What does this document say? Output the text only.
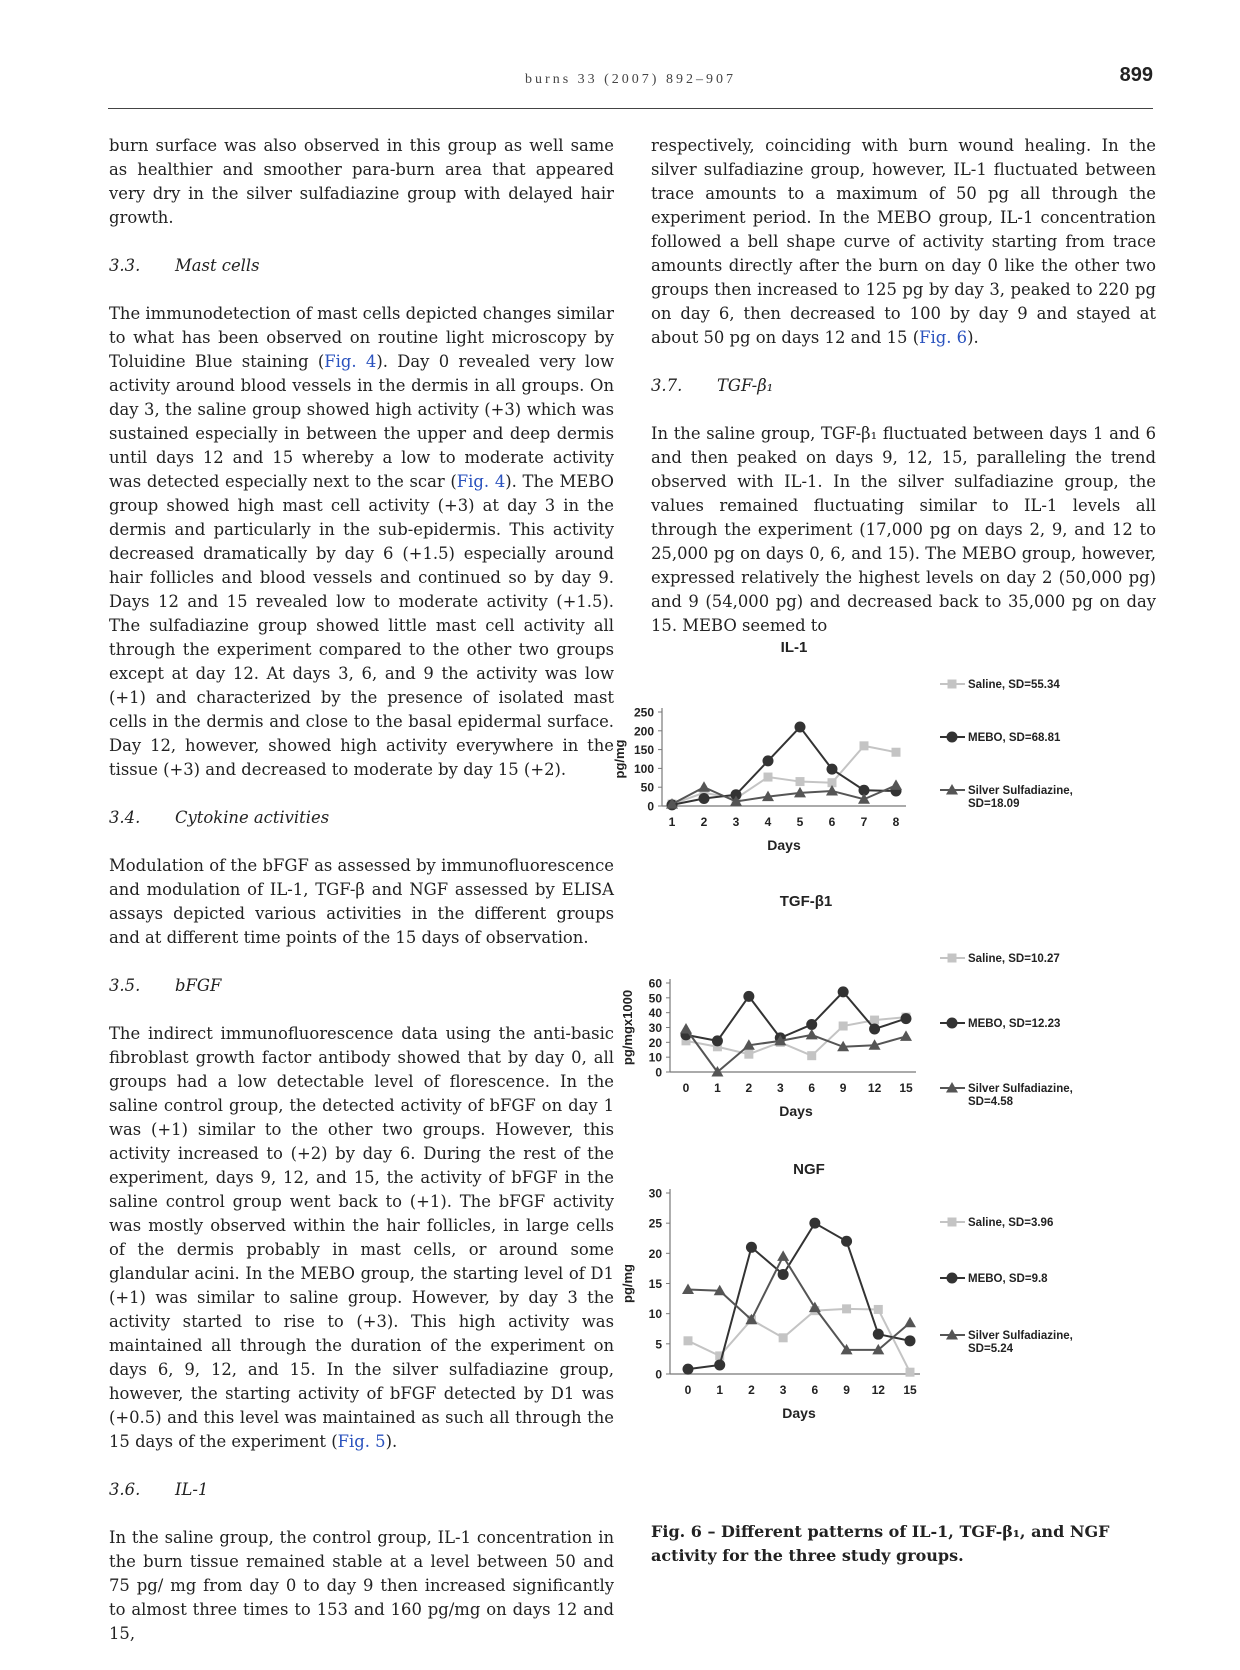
burns 33 (2007) 892–907	899

burn surface was also observed in this group as well same as healthier and smoother para-burn area that appeared very dry in the silver sulfadiazine group with delayed hair growth.

3.3. Mast cells

The immunodetection of mast cells depicted changes similar to what has been observed on routine light microscopy by Toluidine Blue staining (Fig. 4). Day 0 revealed very low activity around blood vessels in the dermis in all groups. On day 3, the saline group showed high activity (+3) which was sustained especially in between the upper and deep dermis until days 12 and 15 whereby a low to moderate activity was detected especially next to the scar (Fig. 4). The MEBO group showed high mast cell activity (+3) at day 3 in the dermis and particularly in the sub-epidermis. This activity decreased dramatically by day 6 (+1.5) especially around hair follicles and blood vessels and continued so by day 9. Days 12 and 15 revealed low to moderate activity (+1.5). The sulfadiazine group showed little mast cell activity all through the experiment compared to the other two groups except at day 12. At days 3, 6, and 9 the activity was low (+1) and characterized by the presence of isolated mast cells in the dermis and close to the basal epidermal surface. Day 12, however, showed high activity everywhere in the tissue (+3) and decreased to moderate by day 15 (+2).

3.4. Cytokine activities

Modulation of the bFGF as assessed by immunofluorescence and modulation of IL-1, TGF-β and NGF assessed by ELISA assays depicted various activities in the different groups and at different time points of the 15 days of observation.

3.5. bFGF

The indirect immunofluorescence data using the anti-basic fibroblast growth factor antibody showed that by day 0, all groups had a low detectable level of florescence. In the saline control group, the detected activity of bFGF on day 1 was (+1) similar to the other two groups. However, this activity increased to (+2) by day 6. During the rest of the experiment, days 9, 12, and 15, the activity of bFGF in the saline control group went back to (+1). The bFGF activity was mostly observed within the hair follicles, in large cells of the dermis probably in mast cells, or around some glandular acini. In the MEBO group, the starting level of D1 (+1) was similar to saline group. However, by day 3 the activity started to rise to (+3). This high activity was maintained all through the duration of the experiment on days 6, 9, 12, and 15. In the silver sulfadiazine group, however, the starting activity of bFGF detected by D1 was (+0.5) and this level was maintained as such all through the 15 days of the experiment (Fig. 5).

3.6. IL-1

In the saline group, the control group, IL-1 concentration in the burn tissue remained stable at a level between 50 and 75 pg/ mg from day 0 to day 9 then increased significantly to almost three times to 153 and 160 pg/mg on days 12 and 15,

respectively, coinciding with burn wound healing. In the silver sulfadiazine group, however, IL-1 fluctuated between trace amounts to a maximum of 50 pg all through the experiment period. In the MEBO group, IL-1 concentration followed a bell shape curve of activity starting from trace amounts directly after the burn on day 0 like the other two groups then increased to 125 pg by day 3, peaked to 220 pg on day 6, then decreased to 100 by day 9 and stayed at about 50 pg on days 12 and 15 (Fig. 6).

3.7. TGF-β₁

In the saline group, TGF-β₁ fluctuated between days 1 and 6 and then peaked on days 9, 12, 15, paralleling the trend observed with IL-1. In the silver sulfadiazine group, the values remained fluctuating similar to IL-1 levels all through the experiment (17,000 pg on days 2, 9, and 12 to 25,000 pg on days 0, 6, and 15). The MEBO group, however, expressed relatively the highest levels on day 2 (50,000 pg) and 9 (54,000 pg) and decreased back to 35,000 pg on day 15. MEBO seemed to

IL-1
0
50
100
150
200
250
pg/mg
1 2 3 4 5 6 7 8
Days
Saline, SD=55.34
MEBO, SD=68.81
Silver Sulfadiazine,
SD=18.09
TGF-β1
0
10
20
30
40
50
60
pg/mgx1000
0 1 2 3 6 9 12 15
Days
Saline, SD=10.27
MEBO, SD=12.23
Silver Sulfadiazine,
SD=4.58
NGF
0
5
10
15
20
25
30
pg/mg
0 1 2 3 6 9 12 15
Days
Saline, SD=3.96
MEBO, SD=9.8
Silver Sulfadiazine,
SD=5.24
Fig. 6 – Different patterns of IL-1, TGF-β₁, and NGF activity for the three study groups.
